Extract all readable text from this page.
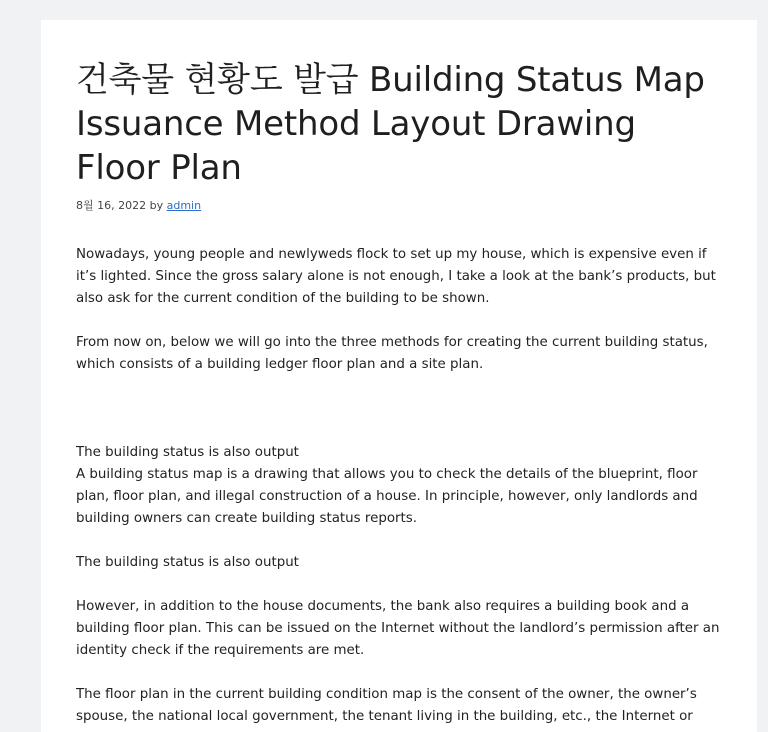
건축물 현황도 발급 Building Status Map Issuance Method Layout Drawing Floor Plan
8월 16, 2022 by admin

Nowadays, young people and newlyweds flock to set up my house, which is expensive even if it’s lighted. Since the gross salary alone is not enough, I take a look at the bank’s products, but also ask for the current condition of the building to be shown.

From now on, below we will go into the three methods for creating the current building status, which consists of a building ledger floor plan and a site plan.

The building status is also output

A building status map is a drawing that allows you to check the details of the blueprint, floor plan, floor plan, and illegal construction of a house. In principle, however, only landlords and building owners can create building status reports.

The building status is also output

However, in addition to the house documents, the bank also requires a building book and a building floor plan. This can be issued on the Internet without the landlord’s permission after an identity check if the requirements are met.

The floor plan in the current building condition map is the consent of the owner, the owner’s spouse, the national local government, the tenant living in the building, etc., the Internet or
